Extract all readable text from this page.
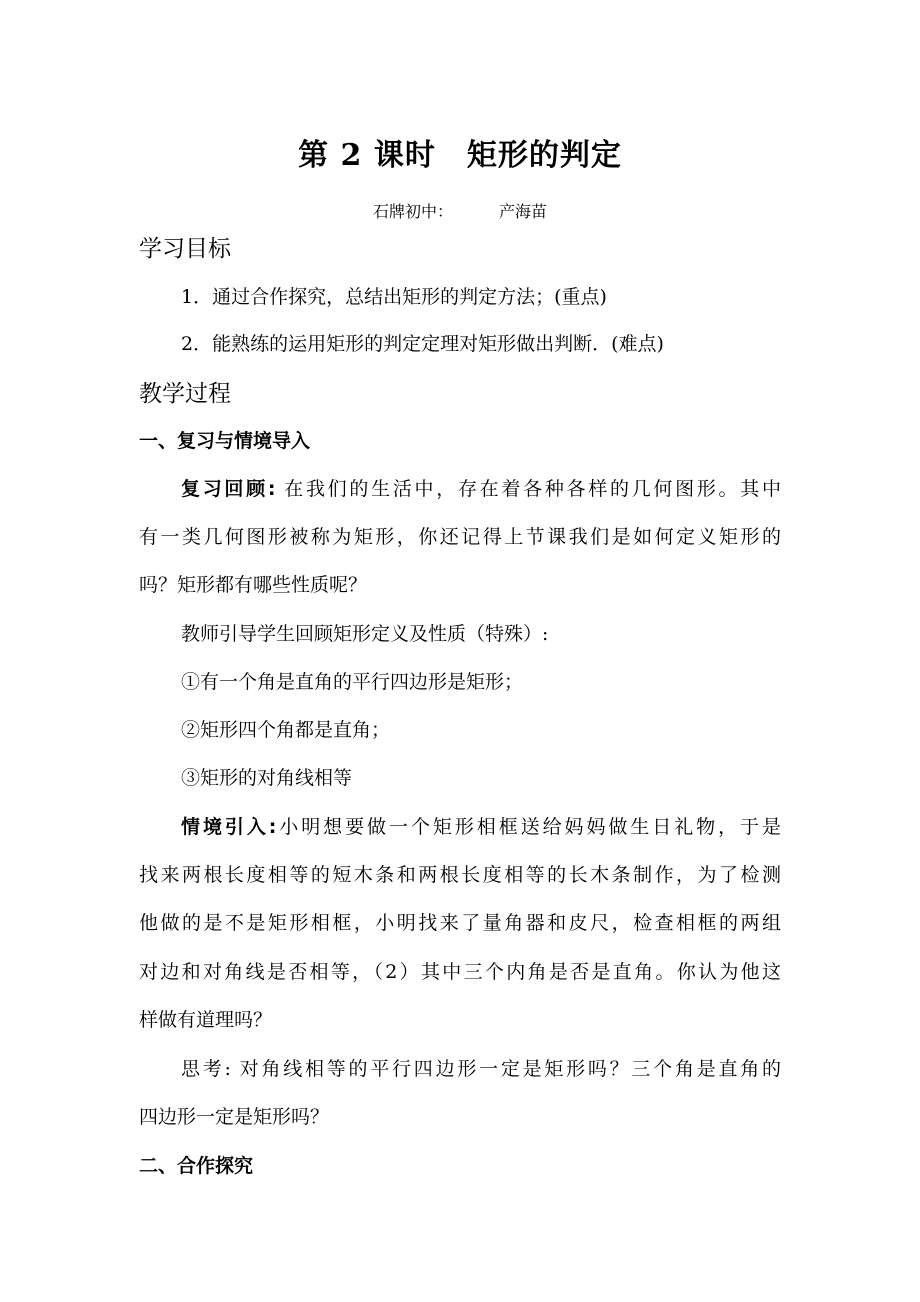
第 2 课时　矩形的判定
石牌初中：	产海苗
学习目标
1．通过合作探究，总结出矩形的判定方法；(重点)
2．能熟练的运用矩形的判定定理对矩形做出判断．(难点)
教学过程
一、复习与情境导入
复习回顾: 在我们的生活中，存在着各种各样的几何图形。其中
有一类几何图形被称为矩形，你还记得上节课我们是如何定义矩形的
吗？矩形都有哪些性质呢？
教师引导学生回顾矩形定义及性质（特殊）:
①有一个角是直角的平行四边形是矩形；
②矩形四个角都是直角；
③矩形的对角线相等
情境引入:小明想要做一个矩形相框送给妈妈做生日礼物，于是
找来两根长度相等的短木条和两根长度相等的长木条制作，为了检测
他做的是不是矩形相框，小明找来了量角器和皮尺，检查相框的两组
对边和对角线是否相等，（2）其中三个内角是否是直角。你认为他这
样做有道理吗？
思考: 对角线相等的平行四边形一定是矩形吗？三个角是直角的
四边形一定是矩形吗？
二、合作探究
